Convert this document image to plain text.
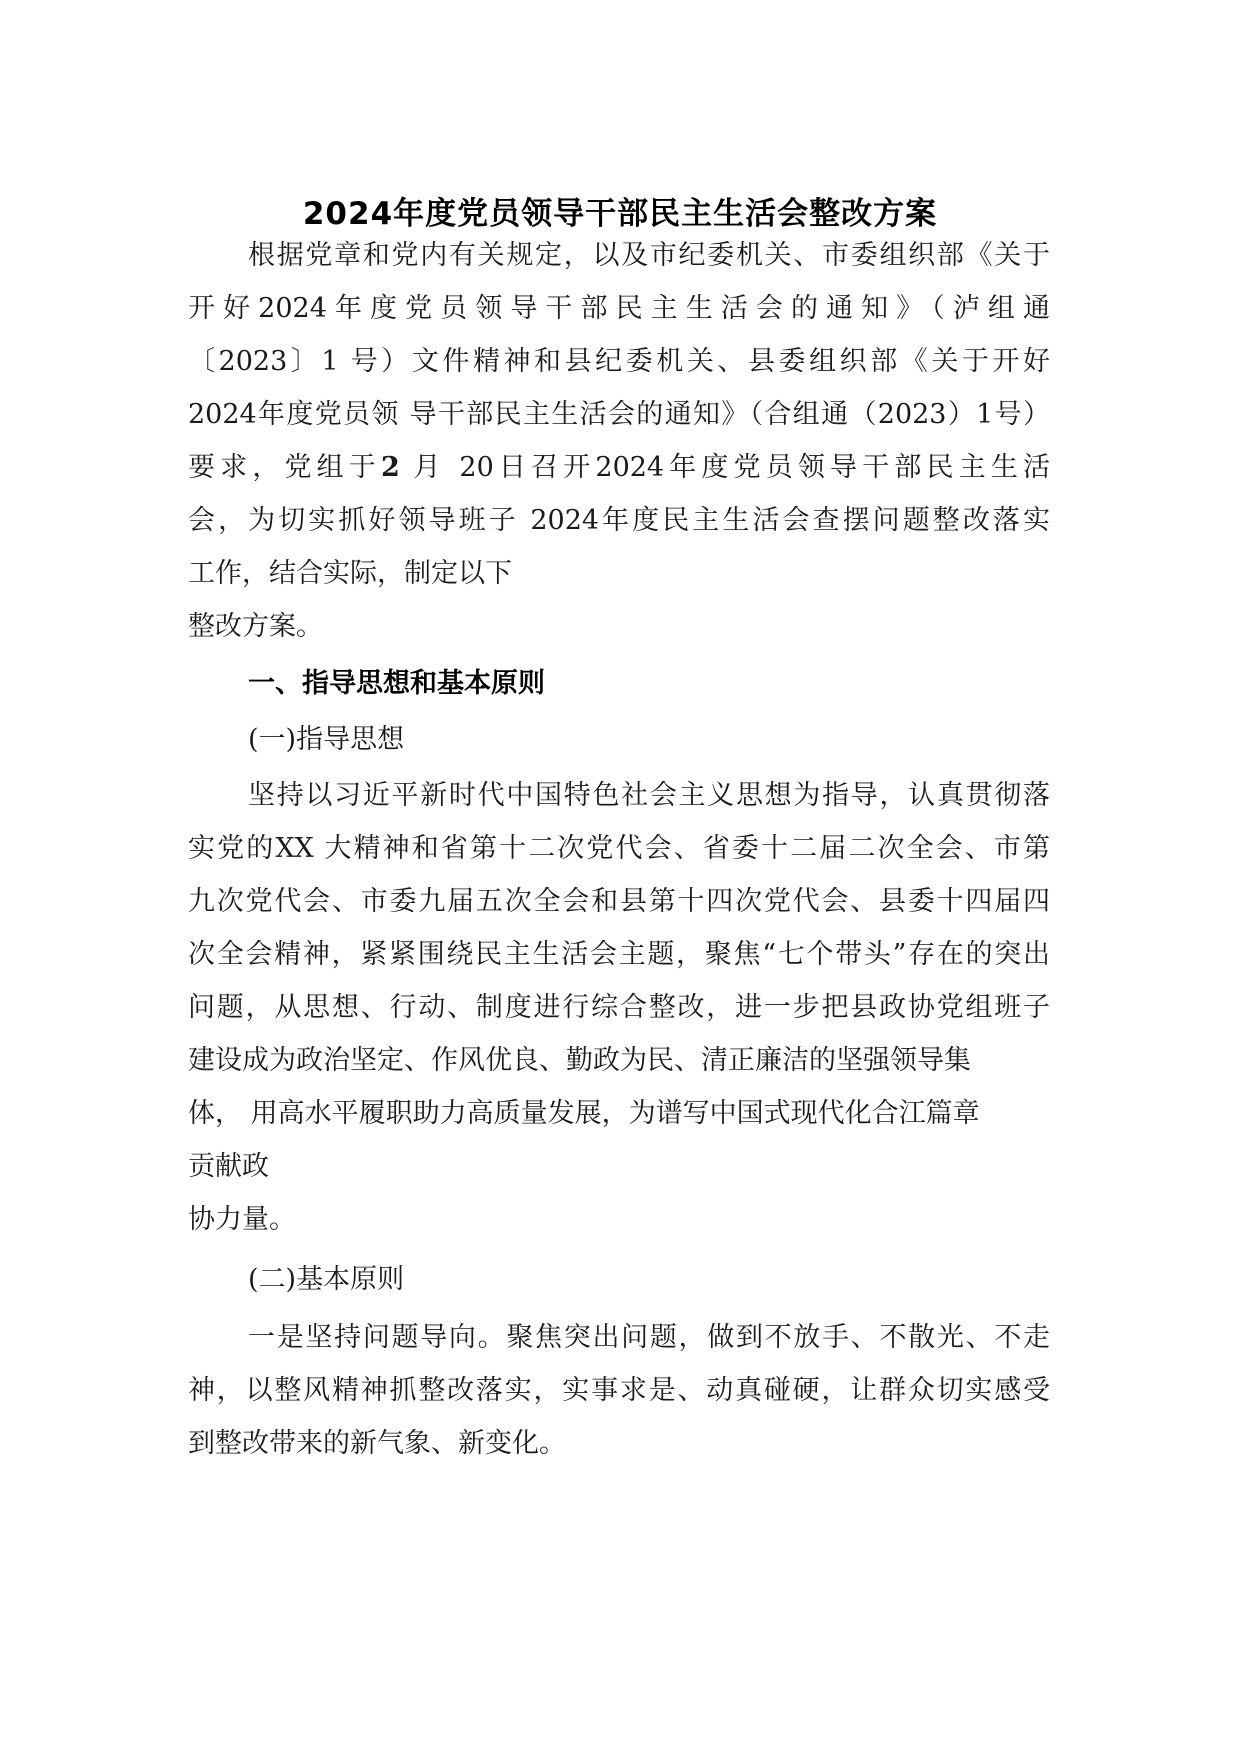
2024年度党员领导干部民主生活会整改方案
根据党章和党内有关规定，以及市纪委机关、市委组织部《关于
开好2024年度党员领导干部民主生活会的通知》（泸组通
〔2023〕1 号）文件精神和县纪委机关、县委组织部《关于开好
2024年度党员领 导干部民主生活会的通知》（合组通（2023）1号）
要求，党组于2 月 20日召开2024年度党员领导干部民主生活
会，为切实抓好领导班子 2024年度民主生活会查摆问题整改落实
工作，结合实际，制定以下
整改方案。
一、指导思想和基本原则
(一)指导思想
坚持以习近平新时代中国特色社会主义思想为指导，认真贯彻落
实党的XX 大精神和省第十二次党代会、省委十二届二次全会、市第
九次党代会、市委九届五次全会和县第十四次党代会、县委十四届四
次全会精神，紧紧围绕民主生活会主题，聚焦“七个带头”存在的突出
问题，从思想、行动、制度进行综合整改，进一步把县政协党组班子
建设成为政治坚定、作风优良、勤政为民、清正廉洁的坚强领导集
体， 用高水平履职助力高质量发展，为谱写中国式现代化合江篇章
贡献政
协力量。
(二)基本原则
一是坚持问题导向。聚焦突出问题，做到不放手、不散光、不走
神，以整风精神抓整改落实，实事求是、动真碰硬，让群众切实感受
到整改带来的新气象、新变化。
